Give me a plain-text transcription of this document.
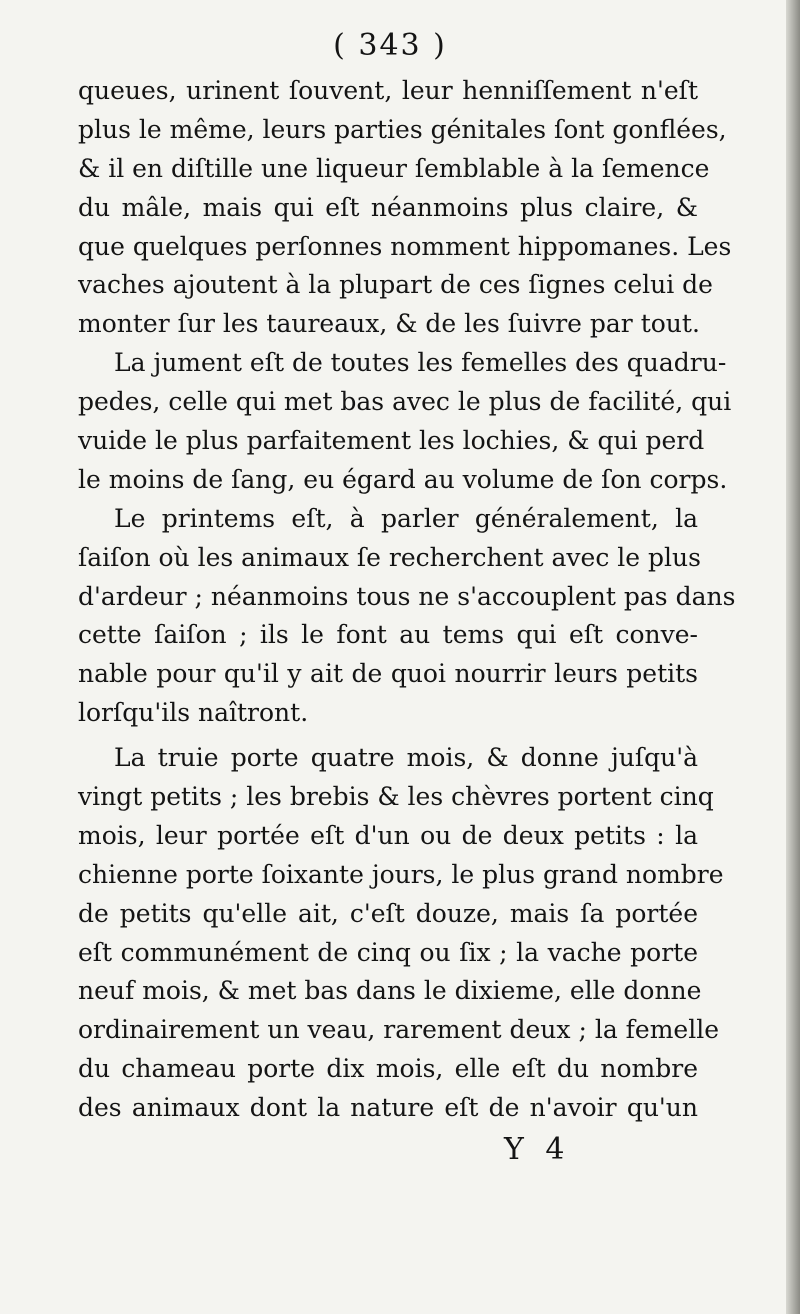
( 343 )
queues, urinent ſouvent, leur henniſſement n'eſt
plus le même, leurs parties génitales ſont gonflées,
& il en diſtille une liqueur ſemblable à la ſemence
du mâle, mais qui eſt néanmoins plus claire, &
que quelques perſonnes nomment hippomanes. Les
vaches ajoutent à la plupart de ces ſignes celui de
monter ſur les taureaux, & de les ſuivre par tout.
La jument eſt de toutes les femelles des quadru-
pedes, celle qui met bas avec le plus de facilité, qui
vuide le plus parfaitement les lochies, & qui perd
le moins de ſang, eu égard au volume de ſon corps.
Le printems eſt, à parler généralement, la
ſaiſon où les animaux ſe recherchent avec le plus
d'ardeur ; néanmoins tous ne s'accouplent pas dans
cette ſaiſon ; ils le font au tems qui eſt conve-
nable pour qu'il y ait de quoi nourrir leurs petits
lorſqu'ils naîtront.
La truie porte quatre mois, & donne juſqu'à
vingt petits ; les brebis & les chèvres portent cinq
mois, leur portée eſt d'un ou de deux petits : la
chienne porte ſoixante jours, le plus grand nombre
de petits qu'elle ait, c'eſt douze, mais ſa portée
eſt communément de cinq ou ſix ; la vache porte
neuf mois, & met bas dans le dixieme, elle donne
ordinairement un veau, rarement deux ; la femelle
du chameau porte dix mois, elle eſt du nombre
des animaux dont la nature eſt de n'avoir qu'un
Y 4
